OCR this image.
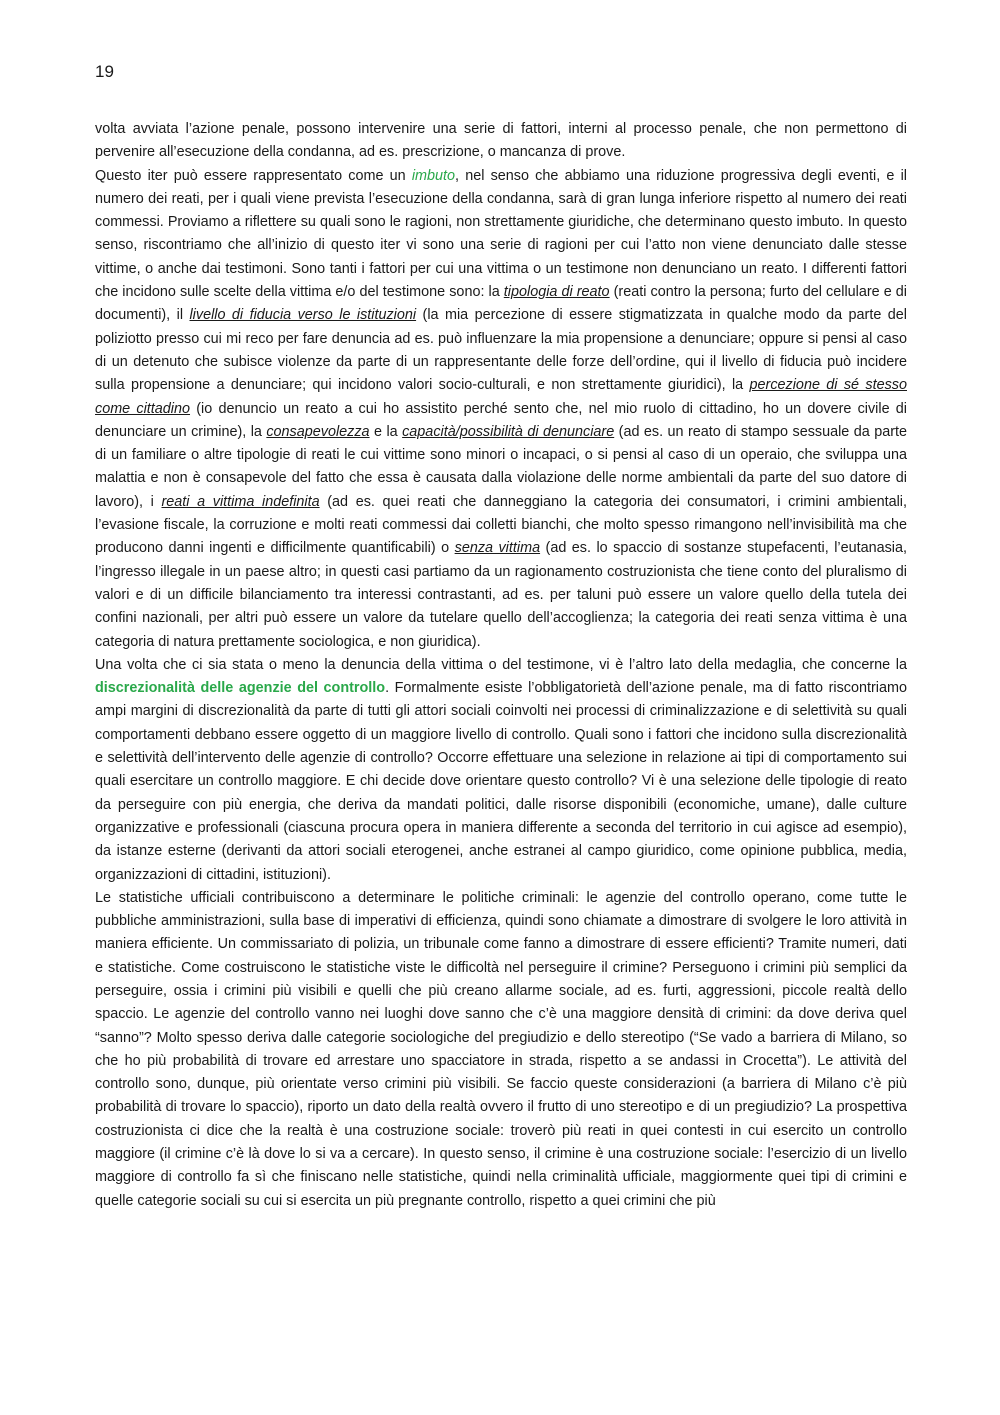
19

volta avviata l’azione penale, possono intervenire una serie di fattori, interni al processo penale, che non permettono di pervenire all’esecuzione della condanna, ad es. prescrizione, o mancanza di prove.

Questo iter può essere rappresentato come un imbuto, nel senso che abbiamo una riduzione progressiva degli eventi, e il numero dei reati, per i quali viene prevista l’esecuzione della condanna, sarà di gran lunga inferiore rispetto al numero dei reati commessi. Proviamo a riflettere su quali sono le ragioni, non strettamente giuridiche, che determinano questo imbuto. In questo senso, riscontriamo che all’inizio di questo iter vi sono una serie di ragioni per cui l’atto non viene denunciato dalle stesse vittime, o anche dai testimoni. Sono tanti i fattori per cui una vittima o un testimone non denunciano un reato. I differenti fattori che incidono sulle scelte della vittima e/o del testimone sono: la tipologia di reato (reati contro la persona; furto del cellulare e di documenti), il livello di fiducia verso le istituzioni (la mia percezione di essere stigmatizzata in qualche modo da parte del poliziotto presso cui mi reco per fare denuncia ad es. può influenzare la mia propensione a denunciare; oppure si pensi al caso di un detenuto che subisce violenze da parte di un rappresentante delle forze dell’ordine, qui il livello di fiducia può incidere sulla propensione a denunciare; qui incidono valori socio-culturali, e non strettamente giuridici), la percezione di sé stesso come cittadino (io denuncio un reato a cui ho assistito perché sento che, nel mio ruolo di cittadino, ho un dovere civile di denunciare un crimine), la consapevolezza e la capacità/possibilità di denunciare (ad es. un reato di stampo sessuale da parte di un familiare o altre tipologie di reati le cui vittime sono minori o incapaci, o si pensi al caso di un operaio, che sviluppa una malattia e non è consapevole del fatto che essa è causata dalla violazione delle norme ambientali da parte del suo datore di lavoro), i reati a vittima indefinita (ad es. quei reati che danneggiano la categoria dei consumatori, i crimini ambientali, l’evasione fiscale, la corruzione e molti reati commessi dai colletti bianchi, che molto spesso rimangono nell’invisibilità ma che producono danni ingenti e difficilmente quantificabili) o senza vittima (ad es. lo spaccio di sostanze stupefacenti, l’eutanasia, l’ingresso illegale in un paese altro; in questi casi partiamo da un ragionamento costruzionista che tiene conto del pluralismo di valori e di un difficile bilanciamento tra interessi contrastanti, ad es. per taluni può essere un valore quello della tutela dei confini nazionali, per altri può essere un valore da tutelare quello dell’accoglienza; la categoria dei reati senza vittima è una categoria di natura prettamente sociologica, e non giuridica).

Una volta che ci sia stata o meno la denuncia della vittima o del testimone, vi è l’altro lato della medaglia, che concerne la discrezionalità delle agenzie del controllo. Formalmente esiste l’obbligatorietà dell’azione penale, ma di fatto riscontriamo ampi margini di discrezionalità da parte di tutti gli attori sociali coinvolti nei processi di criminalizzazione e di selettività su quali comportamenti debbano essere oggetto di un maggiore livello di controllo. Quali sono i fattori che incidono sulla discrezionalità e selettività dell’intervento delle agenzie di controllo? Occorre effettuare una selezione in relazione ai tipi di comportamento sui quali esercitare un controllo maggiore. E chi decide dove orientare questo controllo? Vi è una selezione delle tipologie di reato da perseguire con più energia, che deriva da mandati politici, dalle risorse disponibili (economiche, umane), dalle culture organizzative e professionali (ciascuna procura opera in maniera differente a seconda del territorio in cui agisce ad esempio), da istanze esterne (derivanti da attori sociali eterogenei, anche estranei al campo giuridico, come opinione pubblica, media, organizzazioni di cittadini, istituzioni).

Le statistiche ufficiali contribuiscono a determinare le politiche criminali: le agenzie del controllo operano, come tutte le pubbliche amministrazioni, sulla base di imperativi di efficienza, quindi sono chiamate a dimostrare di svolgere le loro attività in maniera efficiente. Un commissariato di polizia, un tribunale come fanno a dimostrare di essere efficienti? Tramite numeri, dati e statistiche. Come costruiscono le statistiche viste le difficoltà nel perseguire il crimine? Perseguono i crimini più semplici da perseguire, ossia i crimini più visibili e quelli che più creano allarme sociale, ad es. furti, aggressioni, piccole realtà dello spaccio. Le agenzie del controllo vanno nei luoghi dove sanno che c’è una maggiore densità di crimini: da dove deriva quel “sanno”? Molto spesso deriva dalle categorie sociologiche del pregiudizio e dello stereotipo (“Se vado a barriera di Milano, so che ho più probabilità di trovare ed arrestare uno spacciatore in strada, rispetto a se andassi in Crocetta”). Le attività del controllo sono, dunque, più orientate verso crimini più visibili. Se faccio queste considerazioni (a barriera di Milano c’è più probabilità di trovare lo spaccio), riporto un dato della realtà ovvero il frutto di uno stereotipo e di un pregiudizio? La prospettiva costruzionista ci dice che la realtà è una costruzione sociale: troverò più reati in quei contesti in cui esercito un controllo maggiore (il crimine c’è là dove lo si va a cercare). In questo senso, il crimine è una costruzione sociale: l’esercizio di un livello maggiore di controllo fa sì che finiscano nelle statistiche, quindi nella criminalità ufficiale, maggiormente quei tipi di crimini e quelle categorie sociali su cui si esercita un più pregnante controllo, rispetto a quei crimini che più
